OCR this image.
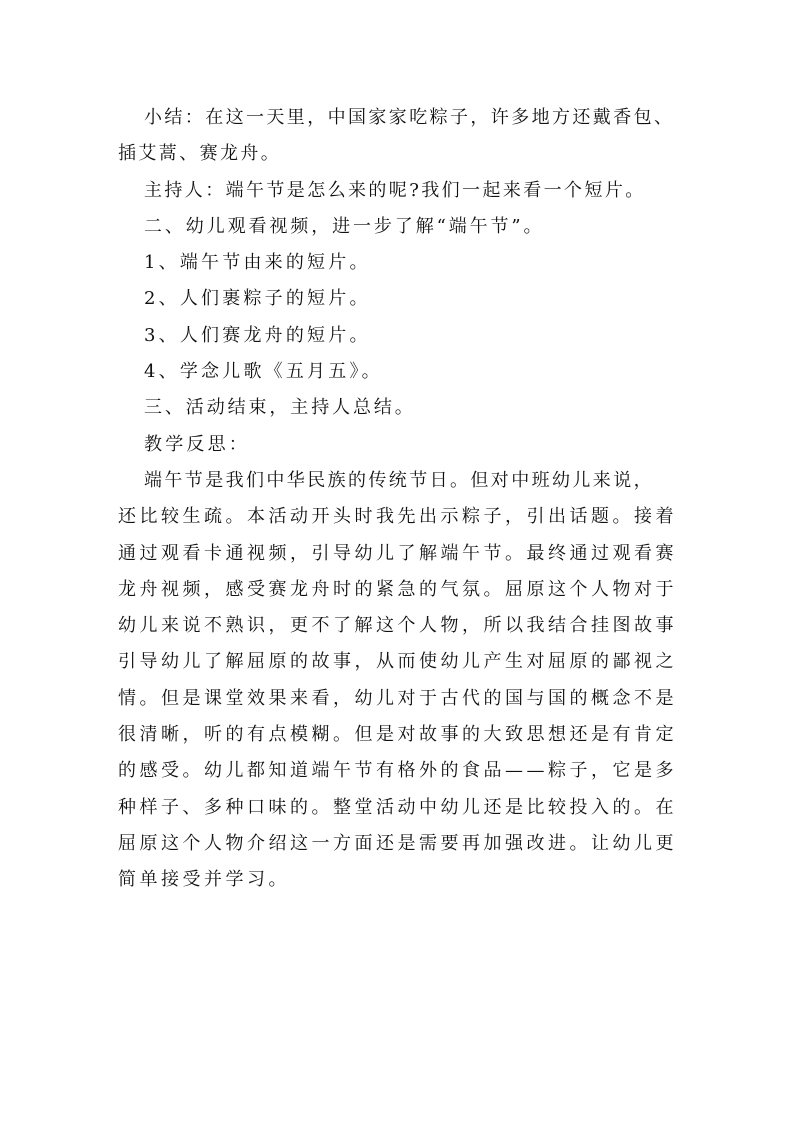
小结：在这一天里，中国家家吃粽子，许多地方还戴香包、
插艾蒿、赛龙舟。
主持人：端午节是怎么来的呢?我们一起来看一个短片。
二、幼儿观看视频，进一步了解“端午节”。
1、端午节由来的短片。
2、人们裹粽子的短片。
3、人们赛龙舟的短片。
4、学念儿歌《五月五》。
三、活动结束，主持人总结。
教学反思：
端午节是我们中华民族的传统节日。但对中班幼儿来说，
还比较生疏。本活动开头时我先出示粽子，引出话题。接着
通过观看卡通视频，引导幼儿了解端午节。最终通过观看赛
龙舟视频，感受赛龙舟时的紧急的气氛。屈原这个人物对于
幼儿来说不熟识，更不了解这个人物，所以我结合挂图故事
引导幼儿了解屈原的故事，从而使幼儿产生对屈原的鄙视之
情。但是课堂效果来看，幼儿对于古代的国与国的概念不是
很清晰，听的有点模糊。但是对故事的大致思想还是有肯定
的感受。幼儿都知道端午节有格外的食品——粽子，它是多
种样子、多种口味的。整堂活动中幼儿还是比较投入的。在
屈原这个人物介绍这一方面还是需要再加强改进。让幼儿更
简单接受并学习。
